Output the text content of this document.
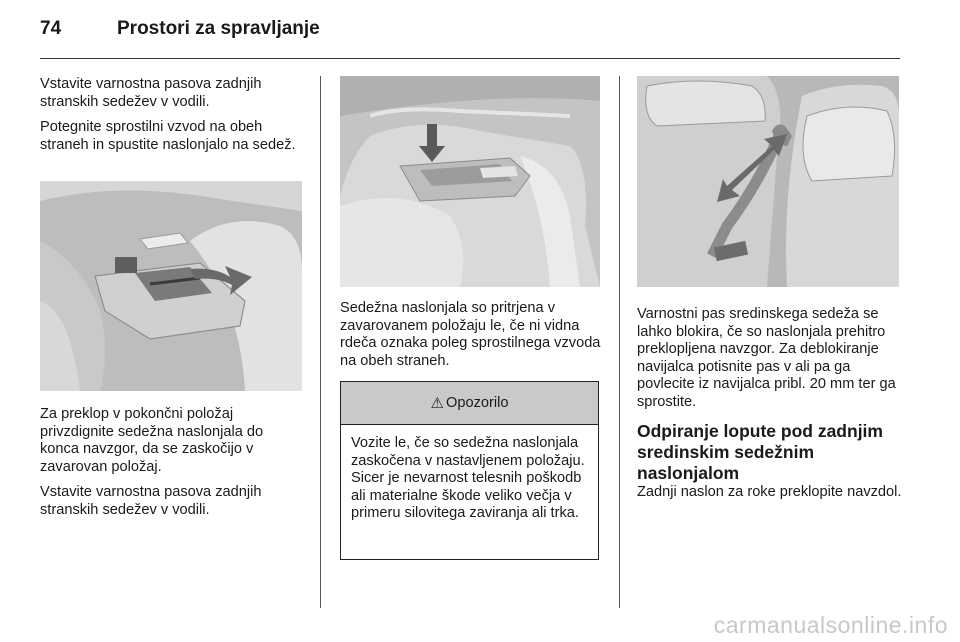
74	Prostori za spravljanje

Vstavite varnostna pasova zadnjih stranskih sedežev v vodili.

Potegnite sprostilni vzvod na obeh straneh in spustite naslonjalo na sedež.

Za preklop v pokončni položaj privzdignite sedežna naslonjala do konca navzgor, da se zaskočijo v zavarovan položaj.

Vstavite varnostna pasova zadnjih stranskih sedežev v vodili.

Sedežna naslonjala so pritrjena v zavarovanem položaju le, če ni vidna rdeča oznaka poleg sprostilnega vzvoda na obeh straneh.

⚠ Opozorilo
Vozite le, če so sedežna naslonjala zaskočena v nastavljenem položaju. Sicer je nevarnost telesnih poškodb ali materialne škode veliko večja v primeru silovitega zaviranja ali trka.

Varnostni pas sredinskega sedeža se lahko blokira, če so naslonjala prehitro preklopljena navzgor. Za deblokiranje navijalca potisnite pas v ali pa ga povlecite iz navijalca pribl. 20 mm ter ga sprostite.

Odpiranje lopute pod zadnjim sredinskim sedežnim naslonjalom

Zadnji naslon za roke preklopite navzdol.

carmanualsonline.info
